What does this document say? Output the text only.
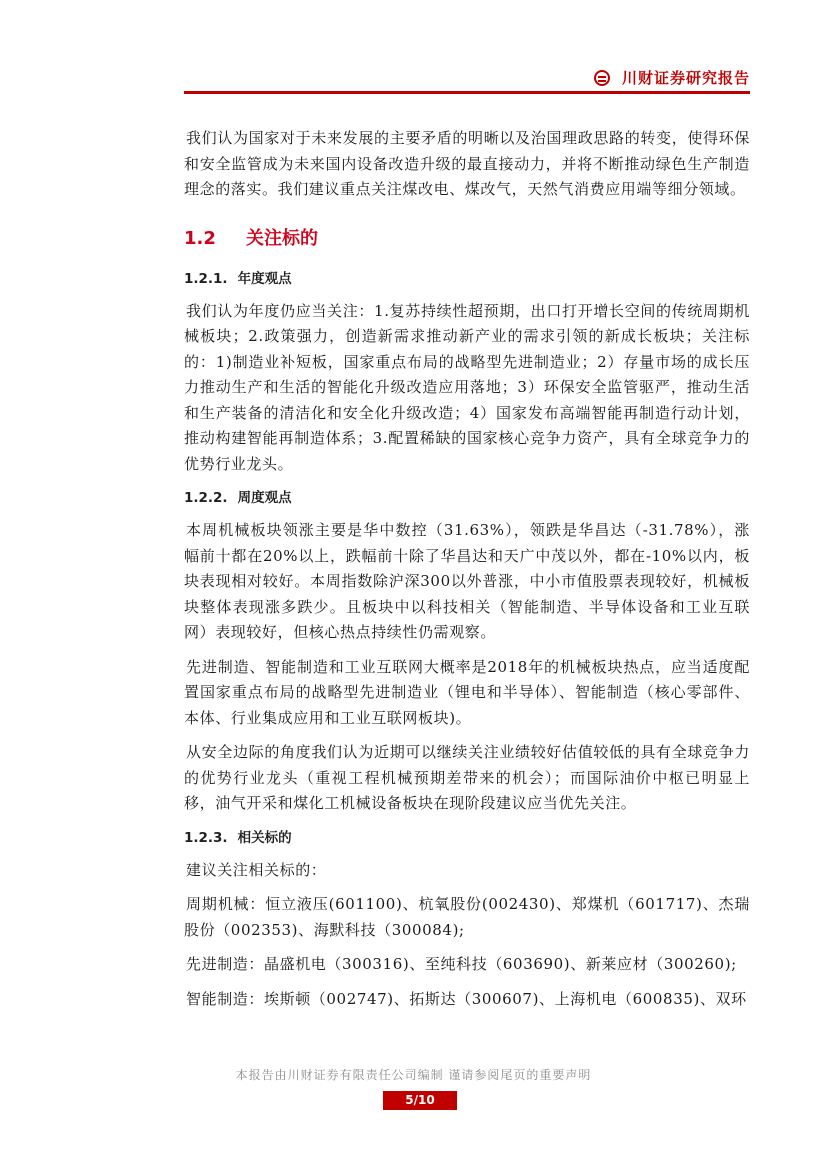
川财证券研究报告

我们认为国家对于未来发展的主要矛盾的明晰以及治国理政思路的转变，使得环保和安全监管成为未来国内设备改造升级的最直接动力，并将不断推动绿色生产制造理念的落实。我们建议重点关注煤改电、煤改气，天然气消费应用端等细分领域。

1.2	关注标的
1.2.1. 年度观点

我们认为年度仍应当关注：1.复苏持续性超预期，出口打开增长空间的传统周期机械板块；2.政策强力，创造新需求推动新产业的需求引领的新成长板块；关注标的：1)制造业补短板，国家重点布局的战略型先进制造业；2）存量市场的成长压力推动生产和生活的智能化升级改造应用落地；3）环保安全监管驱严，推动生活和生产装备的清洁化和安全化升级改造；4）国家发布高端智能再制造行动计划，推动构建智能再制造体系；3.配置稀缺的国家核心竞争力资产，具有全球竞争力的优势行业龙头。

1.2.2. 周度观点

本周机械板块领涨主要是华中数控（31.63%），领跌是华昌达（-31.78%），涨幅前十都在20%以上，跌幅前十除了华昌达和天广中茂以外，都在-10%以内，板块表现相对较好。本周指数除沪深300以外普涨，中小市值股票表现较好，机械板块整体表现涨多跌少。且板块中以科技相关（智能制造、半导体设备和工业互联网）表现较好，但核心热点持续性仍需观察。

先进制造、智能制造和工业互联网大概率是2018年的机械板块热点，应当适度配置国家重点布局的战略型先进制造业（锂电和半导体）、智能制造（核心零部件、本体、行业集成应用和工业互联网板块)。

从安全边际的角度我们认为近期可以继续关注业绩较好估值较低的具有全球竞争力的优势行业龙头（重视工程机械预期差带来的机会）；而国际油价中枢已明显上移，油气开采和煤化工机械设备板块在现阶段建议应当优先关注。

1.2.3. 相关标的

建议关注相关标的：

周期机械：恒立液压(601100)、杭氧股份(002430)、郑煤机（601717)、杰瑞股份（002353)、海默科技（300084);

先进制造：晶盛机电（300316)、至纯科技（603690)、新莱应材（300260);

智能制造：埃斯顿（002747)、拓斯达（300607)、上海机电（600835)、双环

本报告由川财证券有限责任公司编制 谨请参阅尾页的重要声明
5/10
